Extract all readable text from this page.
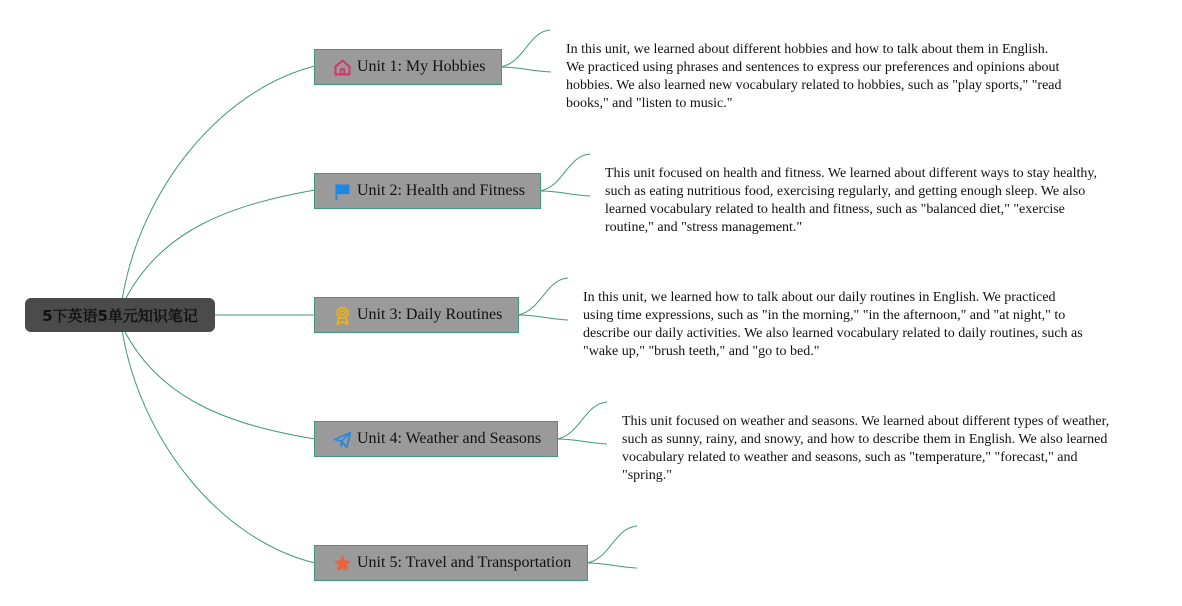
5下英语5单元知识笔记
Unit 1: My Hobbies
In this unit, we learned about different hobbies and how to talk about them in English. We practiced using phrases and sentences to express our preferences and opinions about hobbies. We also learned new vocabulary related to hobbies, such as "play sports," "read books," and "listen to music."
Unit 2: Health and Fitness
This unit focused on health and fitness. We learned about different ways to stay healthy, such as eating nutritious food, exercising regularly, and getting enough sleep. We also learned vocabulary related to health and fitness, such as "balanced diet," "exercise routine," and "stress management."
Unit 3: Daily Routines
In this unit, we learned how to talk about our daily routines in English. We practiced using time expressions, such as "in the morning," "in the afternoon," and "at night," to describe our daily activities. We also learned vocabulary related to daily routines, such as "wake up," "brush teeth," and "go to bed."
Unit 4: Weather and Seasons
This unit focused on weather and seasons. We learned about different types of weather, such as sunny, rainy, and snowy, and how to describe them in English. We also learned vocabulary related to weather and seasons, such as "temperature," "forecast," and "spring."
Unit 5: Travel and Transportation
